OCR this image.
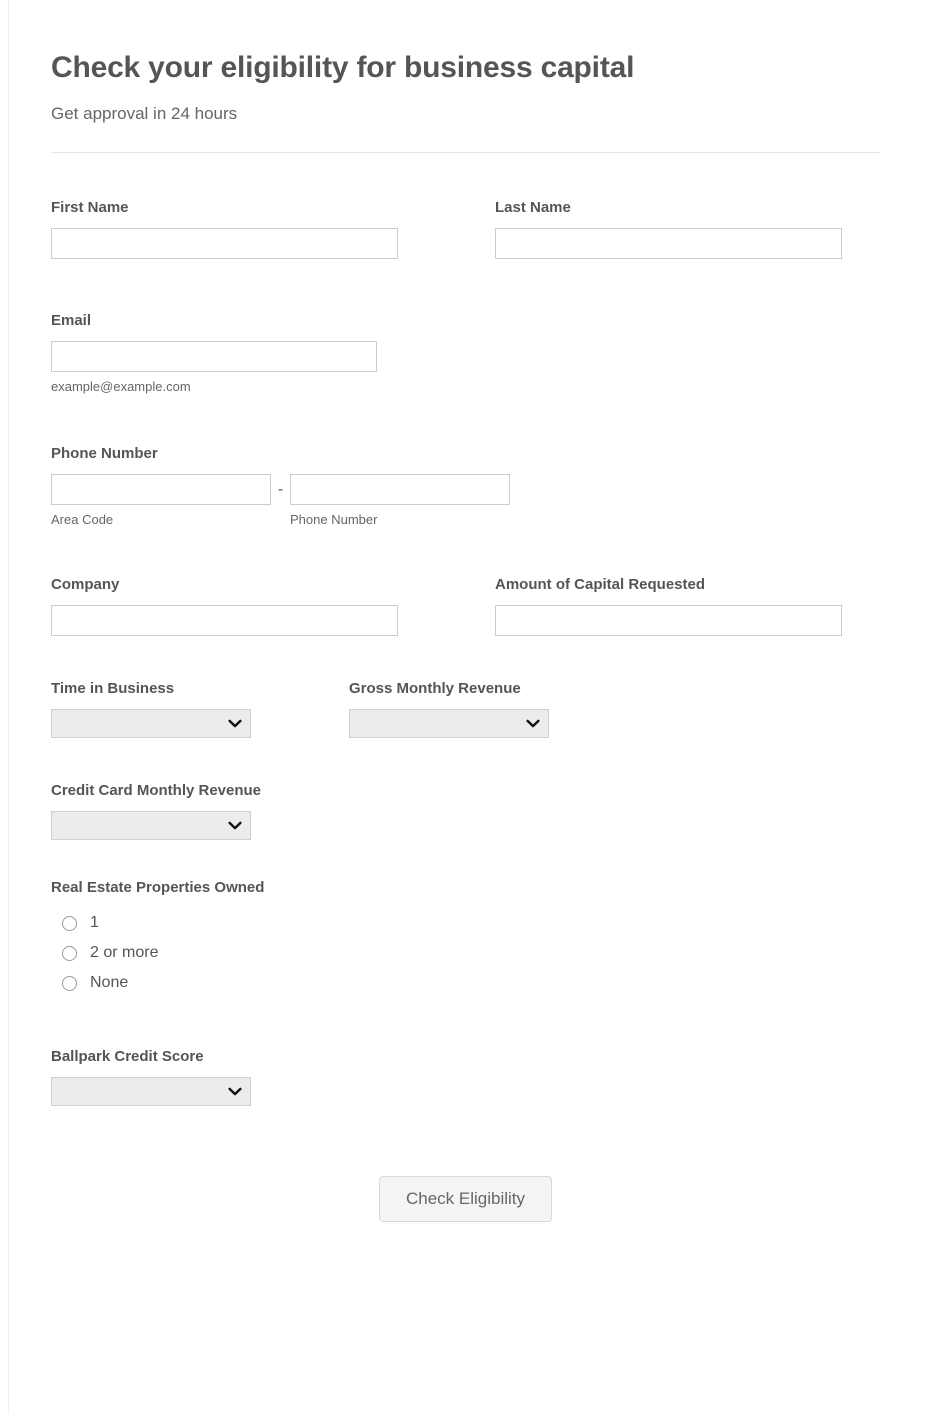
Check your eligibility for business capital

Get approval in 24 hours

First Name	Last Name
Email
example@example.com
Phone Number
Area Code
-
Phone Number
Company	Amount of Capital Requested
Time in Business	Gross Monthly Revenue
Credit Card Monthly Revenue
Real Estate Properties Owned
1
2 or more
None
Ballpark Credit Score
Check Eligibility
